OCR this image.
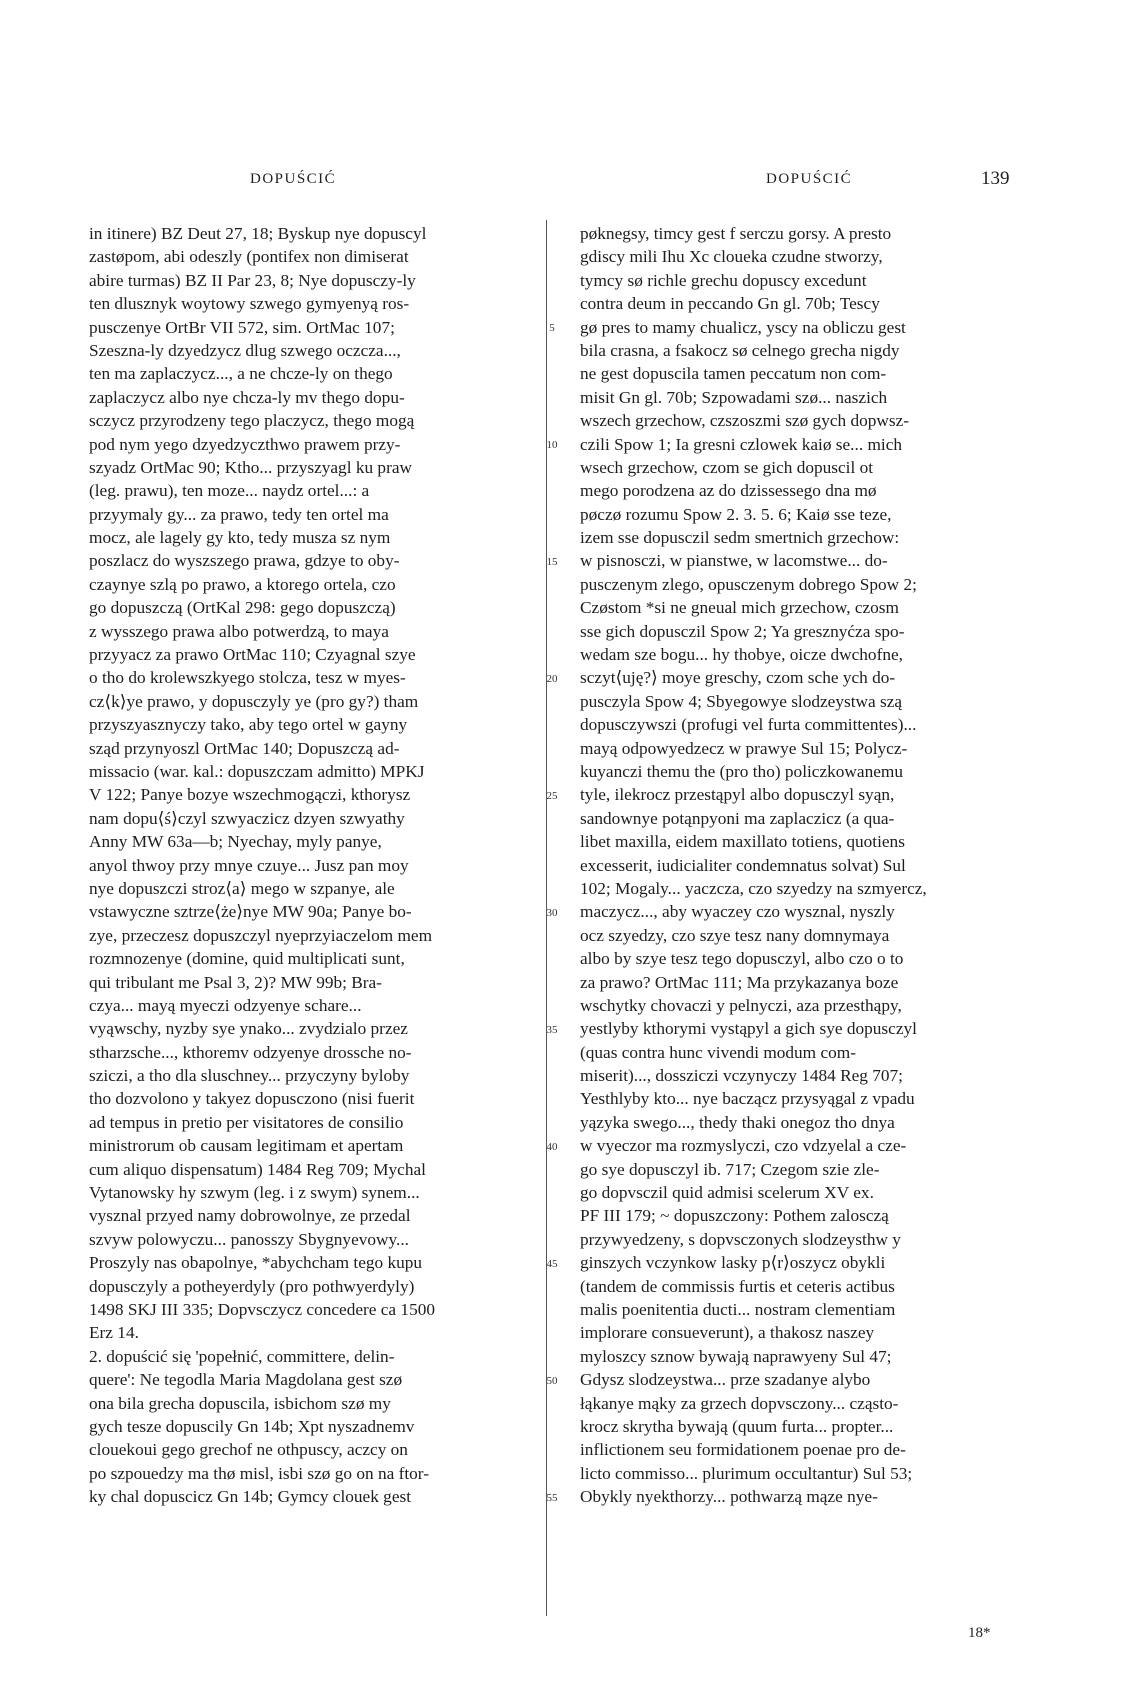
DOPUŚCIĆ	DOPUŚCIĆ	139
in itinere) BZ Deut 27, 18; Byskup nye dopuscyl
zastøpom, abi odeszly (pontifex non dimiserat
abire turmas) BZ II Par 23, 8; Nye dopusczy-ly
ten dlusznyk woytowy szwego gymyenyą ros-
pusczenye OrtBr VII 572, sim. OrtMac 107;
Szeszna-ly dzyedzycz dlug szwego oczcza...,
ten ma zaplaczycz..., a ne chcze-ly on thego
zaplaczycz albo nye chcza-ly mv thego dopu-
sczycz przyrodzeny tego placzycz, thego mogą
pod nym yego dzyedzyczthwo prawem przy-
szyadz OrtMac 90; Ktho... przyszyagl ku praw
(leg. prawu), ten moze... naydz ortel...: a
przyymaly gy... za prawo, tedy ten ortel ma
mocz, ale lagely gy kto, tedy musza sz nym
poszlacz do wyszszego prawa, gdzye to oby-
czaynye szlą po prawo, a ktorego ortela, czo
go dopuszczą (OrtKal 298: gego dopuszczą)
z wysszego prawa albo potwerdzą, to maya
przyyacz za prawo OrtMac 110; Czyagnal szye
o tho do krolewszkyego stolcza, tesz w myes-
cz⟨k⟩ye prawo, y dopusczyly ye (pro gy?) tham
przyszyasznyczy tako, aby tego ortel w gayny
sząd przynyoszl OrtMac 140; Dopuszczą ad-
missacio (war. kal.: dopuszczam admitto) MPKJ
V 122; Panye bozye wszechmogączi, kthorysz
nam dopu⟨ś⟩czyl szwyaczicz dzyen szwyathy
Anny MW 63a—b; Nyechay, myly panye,
anyol thwoy przy mnye czuye... Jusz pan moy
nye dopuszczi stroz⟨a⟩ mego w szpanye, ale
vstawyczne sztrze⟨że⟩nye MW 90a; Panye bo-
zye, przeczesz dopuszczyl nyeprzyiaczelom mem
rozmnozenye (domine, quid multiplicati sunt,
qui tribulant me Psal 3, 2)? MW 99b; Bra-
czya... mayą myeczi odzyenye schare...
vyąwschy, nyzby sye ynako... zvydzialo przez
stharzsche..., kthoremv odzyenye drossche no-
sziczi, a tho dla sluschney... przyczyny byloby
tho dozvolono y takyez dopusczono (nisi fuerit
ad tempus in pretio per visitatores de consilio
ministrorum ob causam legitimam et apertam
cum aliquo dispensatum) 1484 Reg 709; Mychal
Vytanowsky hy szwym (leg. i z swym) synem...
vysznal przyed namy dobrowolnye, ze przedal
szvyw polowyczu... panosszy Sbygnyevowy...
Proszyly nas obapolnye, *abychcham tego kupu
dopusczyly a potheyerdyly (pro pothwyerdyly)
1498 SKJ III 335; Dopvsczycz concedere ca 1500
Erz 14.
2. dopuścić się 'popełnić, committere, delin-
quere': Ne tegodla Maria Magdolana gest szø
ona bila grecha dopuscila, isbichom szø my
gych tesze dopuscily Gn 14b; Xpt nyszadnemv
clouekoui gego grechof ne othpuscy, aczcy on
po szpouedzy ma thø misl, isbi szø go on na ftor-
ky chal dopuscicz Gn 14b; Gymcy clouek gest
5
10
15
20
25
30
35
40
45
50
55
pøknegsy, timcy gest f serczu gorsy. A presto
gdiscy mili Ihu Xc cloueka czudne stworzy,
tymcy sø richle grechu dopuscy excedunt
contra deum in peccando Gn gl. 70b; Tescy
gø pres to mamy chualicz, yscy na obliczu gest
bila crasna, a fsakocz sø celnego grecha nigdy
ne gest dopuscila tamen peccatum non com-
misit Gn gl. 70b; Szpowadami szø... naszich
wszech grzechow, czszoszmi szø gych dopwsz-
czili Spow 1; Ia gresni czlowek kaiø se... mich
wsech grzechow, czom se gich dopuscil ot
mego porodzena az do dzissessego dna mø
pøczø rozumu Spow 2. 3. 5. 6; Kaiø sse teze,
izem sse dopusczil sedm smertnich grzechow:
w pisnosczi, w pianstwe, w lacomstwe... do-
pusczenym zlego, opusczenym dobrego Spow 2;
Czøstom *si ne gneual mich grzechow, czosm
sse gich dopusczil Spow 2; Ya gresznyćza spo-
wedam sze bogu... hy thobye, oicze dwchofne,
sczyt⟨uję?⟩ moye greschy, czom sche ych do-
pusczyla Spow 4; Sbyegowye slodzeystwa szą
dopusczywszi (profugi vel furta committentes)...
mayą odpowyedzecz w prawye Sul 15; Polycz-
kuyanczi themu the (pro tho) policzkowanemu
tyle, ilekrocz przestąpyl albo dopusczyl syąn,
sandownye potąnpyoni ma zaplaczicz (a qua-
libet maxilla, eidem maxillato totiens, quotiens
excesserit, iudicialiter condemnatus solvat) Sul
102; Mogaly... yaczcza, czo szyedzy na szmyercz,
maczycz..., aby wyaczey czo wysznal, nyszly
ocz szyedzy, czo szye tesz nany domnymaya
albo by szye tesz tego dopusczyl, albo czo o to
za prawo? OrtMac 111; Ma przykazanya boze
wschytky chovaczi y pelnyczi, aza przesthąpy,
yestlyby kthorymi vystąpyl a gich sye dopusczyl
(quas contra hunc vivendi modum com-
miserit)..., dossziczi vczynyczy 1484 Reg 707;
Yesthlyby kto... nye baczącz przysyągal z vpadu
yązyka swego..., thedy thaki onegoz tho dnya
w vyeczor ma rozmyslyczi, czo vdzyelal a cze-
go sye dopusczyl ib. 717; Czegom szie zle-
go dopvsczil quid admisi scelerum XV ex.
PF III 179; ~ dopuszczony: Pothem zalosczą
przywyedzeny, s dopvsczonych slodzeysthw y
ginszych vczynkow lasky p⟨r⟩oszycz obykli
(tandem de commissis furtis et ceteris actibus
malis poenitentia ducti... nostram clementiam
implorare consueverunt), a thakosz naszey
myloszcy sznow bywają naprawyeny Sul 47;
Gdysz slodzeystwa... prze szadanye alybo
łąkanye mąky za grzech dopvsczony... cząsto-
krocz skrytha bywają (quum furta... propter...
inflictionem seu formidationem poenae pro de-
licto commisso... plurimum occultantur) Sul 53;
Obykly nyekthorzy... pothwarzą mąze nye-
18*
